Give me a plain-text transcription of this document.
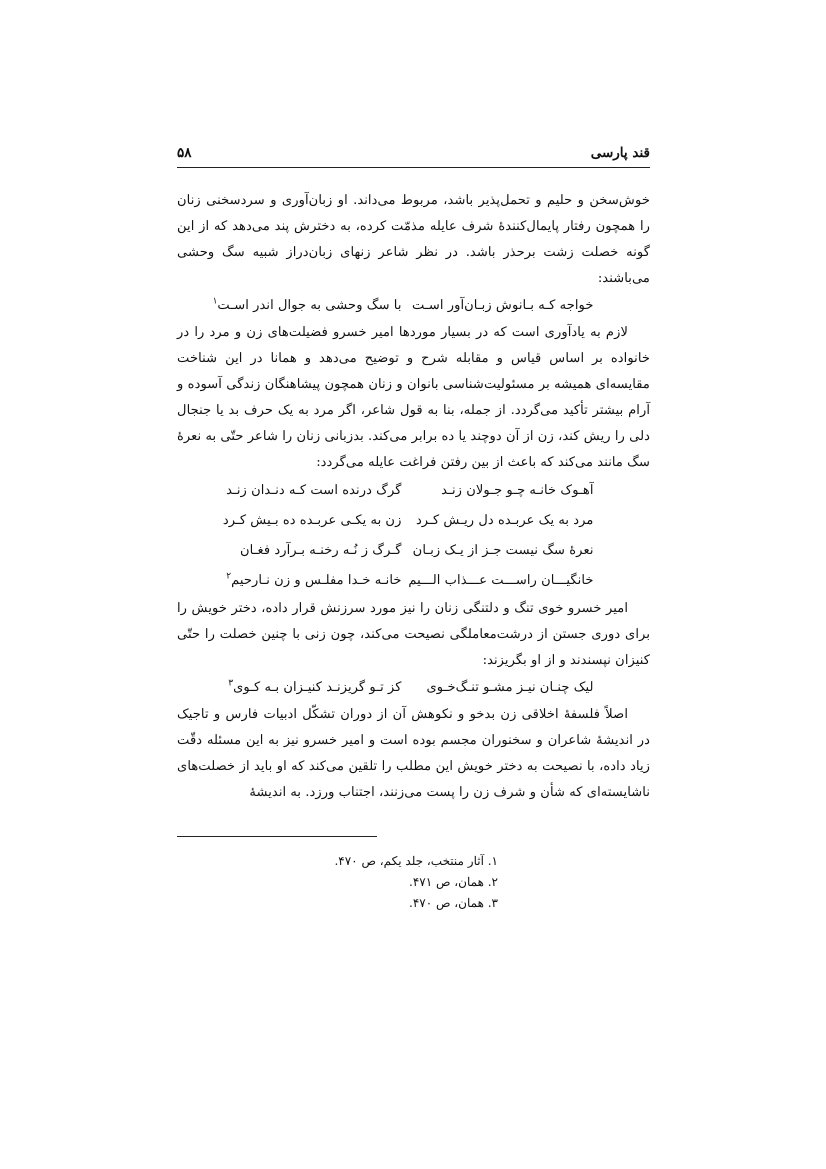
قند پارسی
۵۸

خوش‌سخن و حلیم و تحمل‌پذیر باشد، مربوط می‌داند. او زبان‌آوری و سردسخنی زنان را همچون رفتار پایمال‌کنندۀ شرف عایله مذمّت کرده، به دخترش پند می‌دهد که از این گونه خصلت زشت برحذر باشد. در نظر شاعر زنهای زبان‌دراز شبیه سگ وحشی می‌باشند:

خواجه کـه بـانوش زبـان‌آور اسـت
با سگ وحشی به جوال اندر اسـت$^۱$

لازم به یادآوری است که در بسیار موردها امیر خسرو فضیلت‌های زن و مرد را در خانواده بر اساس قیاس و مقابله شرح و توضیح می‌دهد و همانا در این شناخت مقایسه‌ای همیشه بر مسئولیت‌شناسی بانوان و زنان همچون پیشاهنگان زندگی آسوده و آرام بیشتر تأکید می‌گردد. از جمله، بنا به قول شاعر، اگر مرد به یک حرف بد یا جنجال دلی را ریش کند، زن از آن دوچند یا ده برابر می‌کند. بدزبانی زنان را شاعر حتّی به نعرۀ سگ مانند می‌کند که باعث از بین رفتن فراغت عایله می‌گردد:

آهـوک خانـه چـو جـولان زنـد
گرگ درنده است کـه دنـدان زنـد
مرد به یک عربـده دل ریـش کـرد
زن به یکـی عربـده ده بـیش کـرد
نعرۀ سگ نیست جـز از یـک زبـان
گـرگ ز نُـه رخنـه بـرآرد فغـان
خانگیـــان راســـت عـــذاب الـــیم
خانـه خـدا مفلـس و زن نـارحیم$^۲$

امیر خسرو خوی تنگ و دلتنگی زنان را نیز مورد سرزنش قرار داده، دختر خویش را برای دوری جستن از درشت‌معاملگی نصیحت می‌کند، چون زنی با چنین خصلت را حتّی کنیزان نپسندند و از او بگریزند:

لیک چنـان نیـز مشـو تنـگ‌خـوی
کز تـو گریزنـد کنیـزان بـه کـوی$^۳$

اصلاً فلسفۀ اخلاقی زن بدخو و نکوهش آن از دوران تشکّل ادبیات فارس و تاجیک در اندیشۀ شاعران و سخنوران مجسم بوده است و امیر خسرو نیز به این مسئله دقّت زیاد داده، با نصیحت به دختر خویش این مطلب را تلقین می‌کند که او باید از خصلت‌های ناشایسته‌ای که شأن و شرف زن را پست می‌زنند، اجتناب ورزد. به اندیشۀ

۱. آثار منتخب، جلد یکم، ص ۴۷۰.
۲. همان، ص ۴۷۱.
۳. همان، ص ۴۷۰.
